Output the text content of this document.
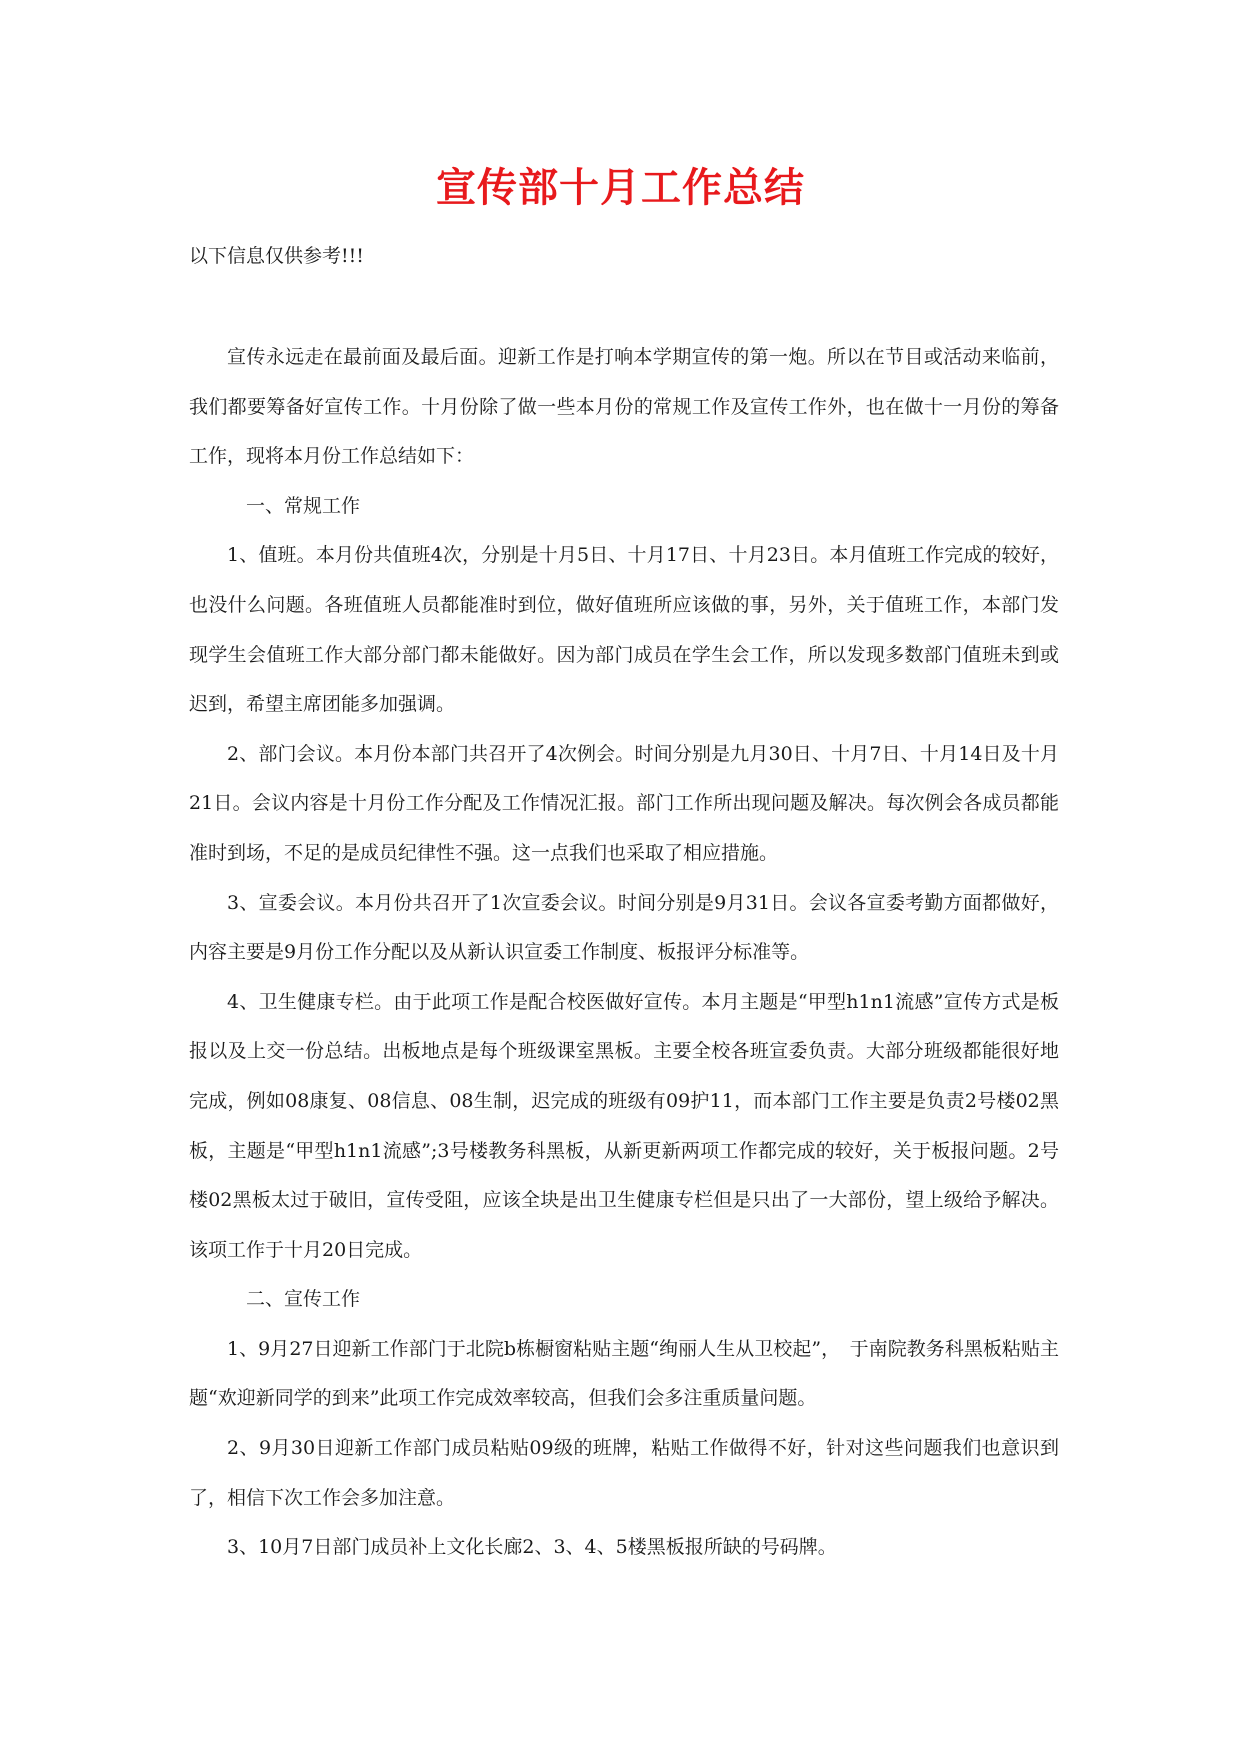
宣传部十月工作总结
以下信息仅供参考!!!

宣传永远走在最前面及最后面。迎新工作是打响本学期宣传的第一炮。所以在节目或活动来临前，我们都要筹备好宣传工作。十月份除了做一些本月份的常规工作及宣传工作外，也在做十一月份的筹备工作，现将本月份工作总结如下：

一、常规工作

1、值班。本月份共值班4次，分别是十月5日、十月17日、十月23日。本月值班工作完成的较好，也没什么问题。各班值班人员都能准时到位，做好值班所应该做的事，另外，关于值班工作，本部门发现学生会值班工作大部分部门都未能做好。因为部门成员在学生会工作，所以发现多数部门值班未到或迟到，希望主席团能多加强调。

2、部门会议。本月份本部门共召开了4次例会。时间分别是九月30日、十月7日、十月14日及十月21日。会议内容是十月份工作分配及工作情况汇报。部门工作所出现问题及解决。每次例会各成员都能准时到场，不足的是成员纪律性不强。这一点我们也采取了相应措施。

3、宣委会议。本月份共召开了1次宣委会议。时间分别是9月31日。会议各宣委考勤方面都做好，内容主要是9月份工作分配以及从新认识宣委工作制度、板报评分标准等。

4、卫生健康专栏。由于此项工作是配合校医做好宣传。本月主题是“甲型h1n1流感”宣传方式是板报以及上交一份总结。出板地点是每个班级课室黑板。主要全校各班宣委负责。大部分班级都能很好地完成，例如08康复、08信息、08生制，迟完成的班级有09护11，而本部门工作主要是负责2号楼02黑板，主题是“甲型h1n1流感”;3号楼教务科黑板，从新更新两项工作都完成的较好，关于板报问题。2号楼02黑板太过于破旧，宣传受阻，应该全块是出卫生健康专栏但是只出了一大部份，望上级给予解决。该项工作于十月20日完成。

二、宣传工作

1、9月27日迎新工作部门于北院b栋橱窗粘贴主题“绚丽人生从卫校起”，　于南院教务科黑板粘贴主题“欢迎新同学的到来”此项工作完成效率较高，但我们会多注重质量问题。

2、9月30日迎新工作部门成员粘贴09级的班牌，粘贴工作做得不好，针对这些问题我们也意识到了，相信下次工作会多加注意。

3、10月7日部门成员补上文化长廊2、3、4、5楼黑板报所缺的号码牌。
